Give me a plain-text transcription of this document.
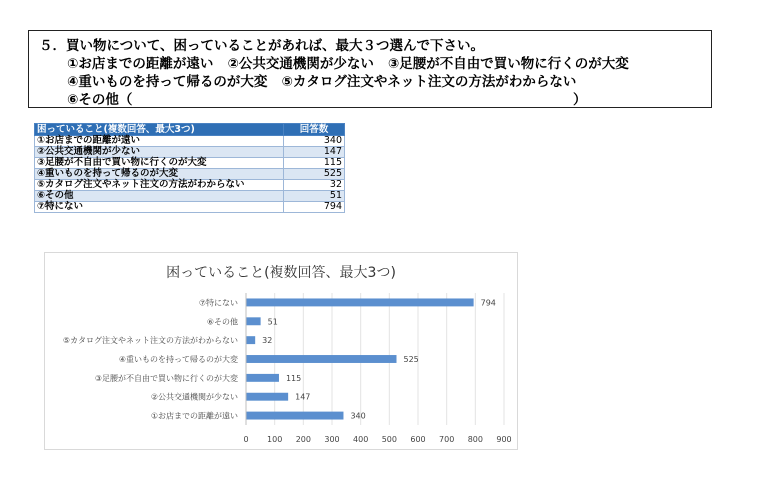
５．買い物について、困っていることがあれば、最大３つ選んで下さい。
①お店までの距離が遠い ②公共交通機関が少ない ③足腰が不自由で買い物に行くのが大変
④重いものを持って帰るのが大変 ⑤カタログ注文やネット注文の方法がわからない
⑥その他（	）
困っていること(複数回答、最大3つ)	回答数
①お店までの距離が遠い	340
②公共交通機関が少ない	147
③足腰が不自由で買い物に行くのが大変	115
④重いものを持って帰るのが大変	525
⑤カタログ注文やネット注文の方法がわからない	32
⑥その他	51
⑦特にない	794
困っていること(複数回答、最大3つ)
0 100 200 300 400 500 600 700 800 900
⑦特にない	794
⑥その他	51
⑤カタログ注文やネット注文の方法がわからない	32
④重いものを持って帰るのが大変	525
③足腰が不自由で買い物に行くのが大変	115
②公共交通機関が少ない	147
①お店までの距離が遠い	340
